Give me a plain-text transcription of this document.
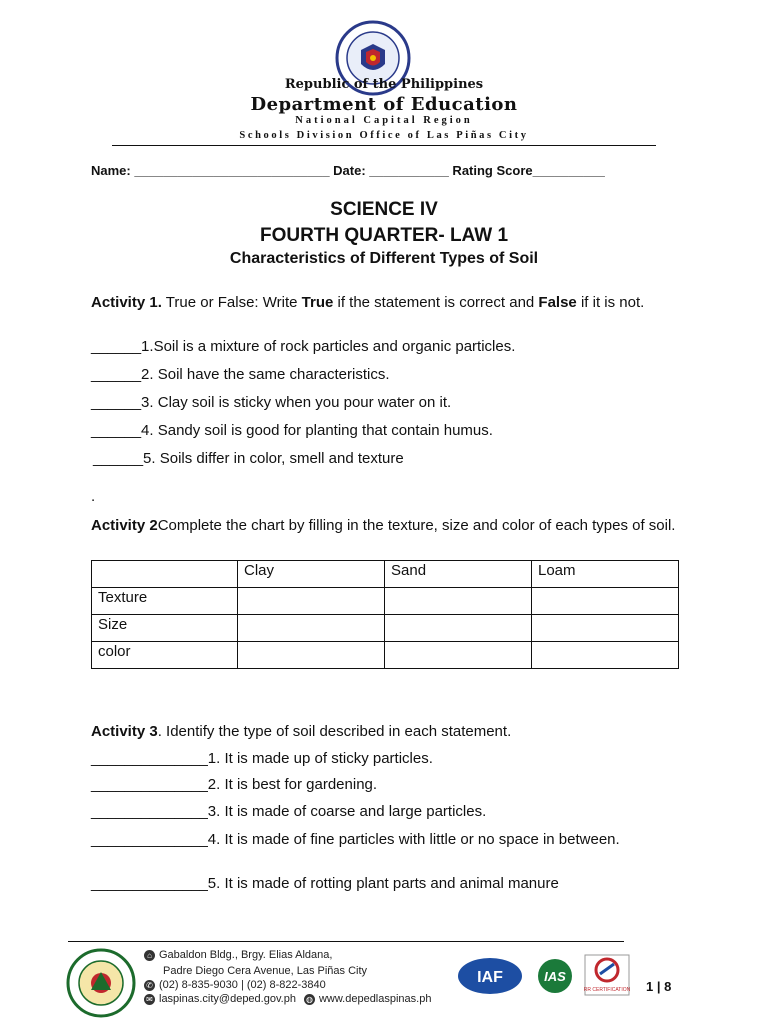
Republic of the Philippines
Department of Education
National Capital Region
Schools Division Office of Las Piñas City
Name: ___________________________ Date: ___________ Rating Score__________
SCIENCE IV
FOURTH QUARTER- LAW 1
Characteristics of Different Types of Soil
Activity 1. True or False: Write True if the statement is correct and False if it is not.
______1.Soil is a mixture of rock particles and organic particles.
______2. Soil have the same characteristics.
______3. Clay soil is sticky when you pour water on it.
______4. Sandy soil is good for planting that contain humus.
______5. Soils differ in color, smell and texture
.
Activity 2Complete the chart by filling in the texture, size and color of each types of soil.
	Clay	Sand	Loam
Texture			
Size			
color			
Activity 3. Identify the type of soil described in each statement.
______________1. It is made up of sticky particles.
______________2. It is best for gardening.
______________3. It is made of coarse and large particles.
______________4. It is made of fine particles with little or no space in between.
______________5. It is made of rotting plant parts and animal manure
⌂ Gabaldon Bldg., Brgy. Elias Aldana,
Padre Diego Cera Avenue, Las Piñas City
✆ (02) 8-835-9030 | (02) 8-822-3840
✉ laspinas.city@deped.gov.ph ◍ www.depedlaspinas.ph
IAF	IAS
RR CERTIFICATION 1 | 8
